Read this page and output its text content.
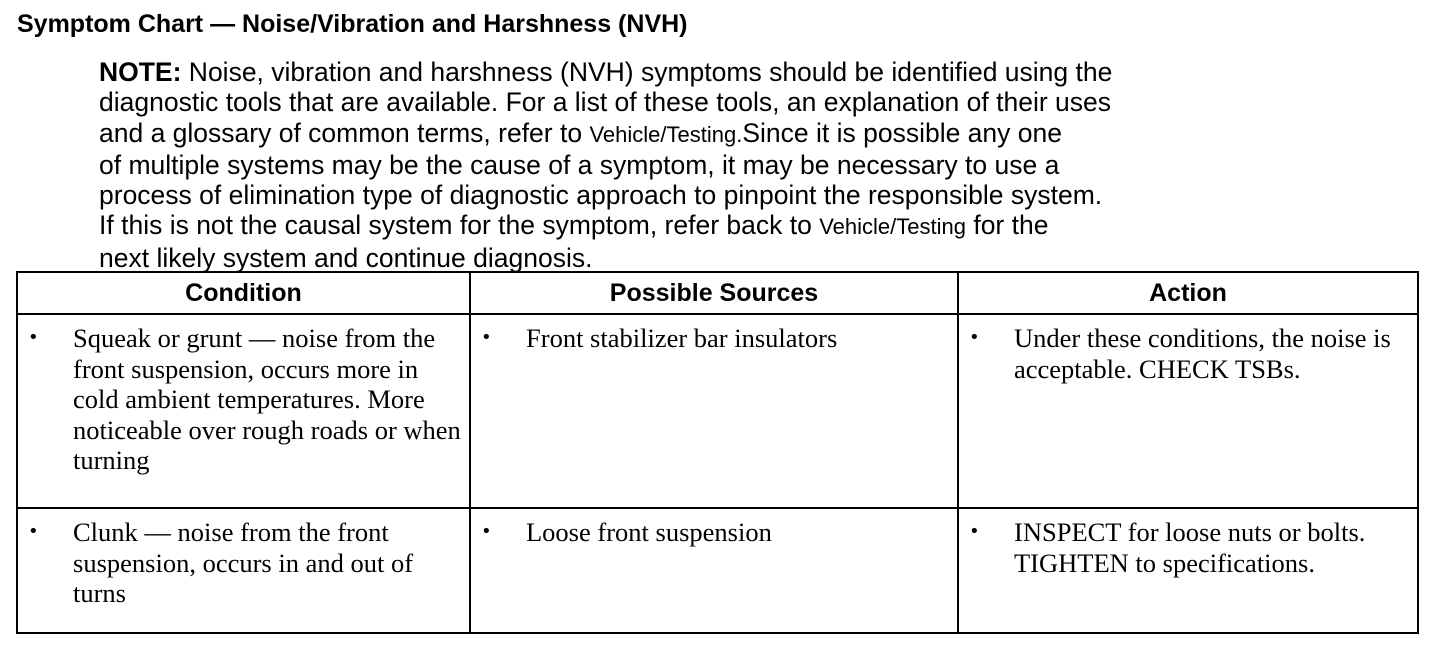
Symptom Chart — Noise/Vibration and Harshness (NVH)
NOTE: Noise, vibration and harshness (NVH) symptoms should be identified using the
diagnostic tools that are available. For a list of these tools, an explanation of their uses
and a glossary of common terms, refer to Vehicle/Testing.Since it is possible any one
of multiple systems may be the cause of a symptom, it may be necessary to use a
process of elimination type of diagnostic approach to pinpoint the responsible system.
If this is not the causal system for the symptom, refer back to Vehicle/Testing for the
next likely system and continue diagnosis.
Condition	Possible Sources	Action

• Squeak or grunt — noise from the front suspension, occurs more in cold ambient temperatures. More noticeable over rough roads or when turning	• Front stabilizer bar insulators	• Under these conditions, the noise is acceptable. CHECK TSBs.

• Clunk — noise from the front suspension, occurs in and out of turns	• Loose front suspension	• INSPECT for loose nuts or bolts. TIGHTEN to specifications.
